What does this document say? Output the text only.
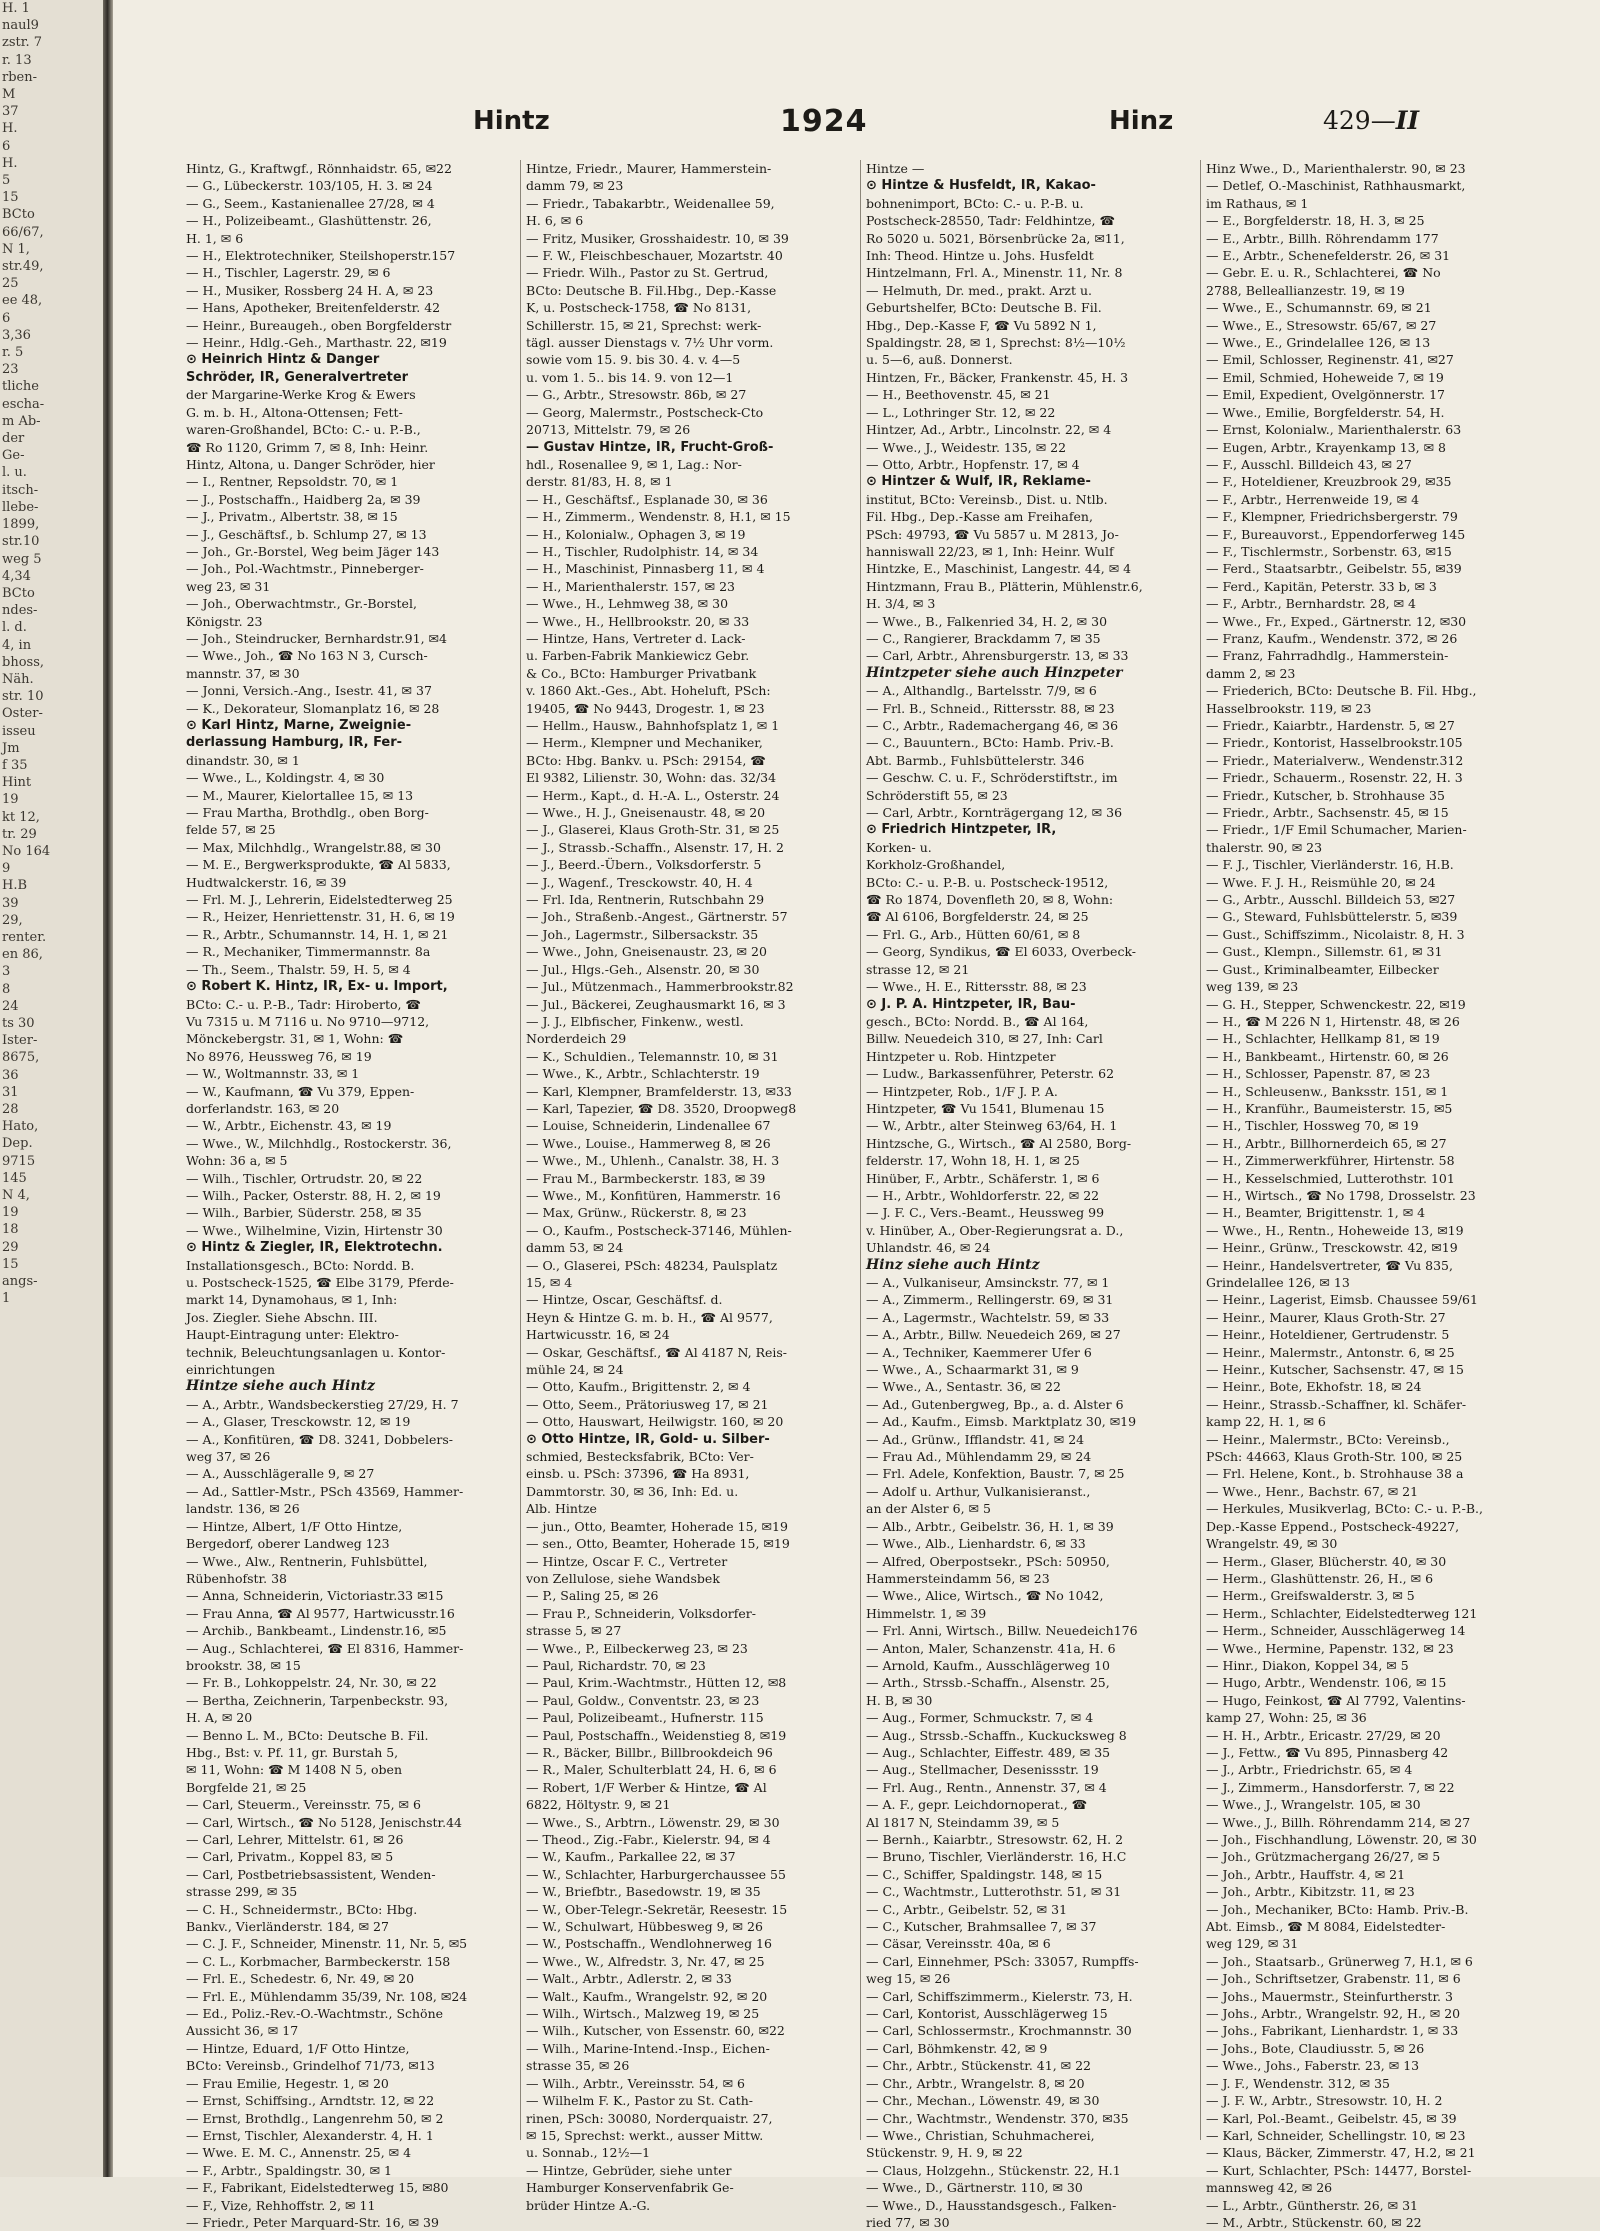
H. 1
naul9
zstr. 7
r. 13
rben-
M
37
H.
6
H.
5
15
BCto
66/67,
N 1,
str.49,
25
ee 48,
6
3,36
r. 5
23
tliche
escha-
m Ab-
der
Ge-
l. u.
itsch-
llebe-
1899,
str.10
weg 5
4,34
BCto
ndes-
l. d.
4, in
bhoss,
Näh.
str. 10
Oster-
isseu
Jm
f 35
Hint
19
kt 12,
tr. 29
No 164
9
H.B
39
29,
renter.
en 86,
3
8
24
ts 30
Ister-
8675,
36
31
28
Hato,
Dep.
9715
145
N 4,
19
18
29
15
angs-
1
Hintz	1924	Hinz	429—II
Hintz, G., Kraftwgf., Rönnhaidstr. 65, ✉22
— G., Lübeckerstr. 103/105, H. 3. ✉ 24
— G., Seem., Kastanienallee 27/28, ✉ 4
— H., Polizeibeamt., Glashüttenstr. 26,
H. 1, ✉ 6
— H., Elektrotechniker, Steilshoperstr.157
— H., Tischler, Lagerstr. 29, ✉ 6
— H., Musiker, Rossberg 24 H. A, ✉ 23
— Hans, Apotheker, Breitenfelderstr. 42
— Heinr., Bureaugeh., oben Borgfelderstr
— Heinr., Hdlg.-Geh., Marthastr. 22, ✉19
⊙ Heinrich Hintz & Danger
Schröder, IR, Generalvertreter
der Margarine-Werke Krog & Ewers
G. m. b. H., Altona-Ottensen; Fett-
waren-Großhandel, BCto: C.- u. P.-B.,
☎ Ro 1120, Grimm 7, ✉ 8, Inh: Heinr.
Hintz, Altona, u. Danger Schröder, hier
— I., Rentner, Repsoldstr. 70, ✉ 1
— J., Postschaffn., Haidberg 2a, ✉ 39
— J., Privatm., Albertstr. 38, ✉ 15
— J., Geschäftsf., b. Schlump 27, ✉ 13
— Joh., Gr.-Borstel, Weg beim Jäger 143
— Joh., Pol.-Wachtmstr., Pinneberger-
weg 23, ✉ 31
— Joh., Oberwachtmstr., Gr.-Borstel,
Königstr. 23
— Joh., Steindrucker, Bernhardstr.91, ✉4
— Wwe., Joh., ☎ No 163 N 3, Cursch-
mannstr. 37, ✉ 30
— Jonni, Versich.-Ang., Isestr. 41, ✉ 37
— K., Dekorateur, Slomanplatz 16, ✉ 28
⊙ Karl Hintz, Marne, Zweignie-
derlassung Hamburg, IR, Fer-
dinandstr. 30, ✉ 1
— Wwe., L., Koldingstr. 4, ✉ 30
— M., Maurer, Kielortallee 15, ✉ 13
— Frau Martha, Brothdlg., oben Borg-
felde 57, ✉ 25
— Max, Milchhdlg., Wrangelstr.88, ✉ 30
— M. E., Bergwerksprodukte, ☎ Al 5833,
Hudtwalckerstr. 16, ✉ 39
— Frl. M. J., Lehrerin, Eidelstedterweg 25
— R., Heizer, Henriettenstr. 31, H. 6, ✉ 19
— R., Arbtr., Schumannstr. 14, H. 1, ✉ 21
— R., Mechaniker, Timmermannstr. 8a
— Th., Seem., Thalstr. 59, H. 5, ✉ 4
⊙ Robert K. Hintz, IR, Ex- u. Import,
BCto: C.- u. P.-B., Tadr: Hiroberto, ☎
Vu 7315 u. M 7116 u. No 9710—9712,
Mönckebergstr. 31, ✉ 1, Wohn: ☎
No 8976, Heussweg 76, ✉ 19
— W., Woltmannstr. 33, ✉ 1
— W., Kaufmann, ☎ Vu 379, Eppen-
dorferlandstr. 163, ✉ 20
— W., Arbtr., Eichenstr. 43, ✉ 19
— Wwe., W., Milchhdlg., Rostockerstr. 36,
Wohn: 36 a, ✉ 5
— Wilh., Tischler, Ortrudstr. 20, ✉ 22
— Wilh., Packer, Osterstr. 88, H. 2, ✉ 19
— Wilh., Barbier, Süderstr. 258, ✉ 35
— Wwe., Wilhelmine, Vizin, Hirtenstr 30
⊙ Hintz & Ziegler, IR, Elektrotechn.
Installationsgesch., BCto: Nordd. B.
u. Postscheck-1525, ☎ Elbe 3179, Pferde-
markt 14, Dynamohaus, ✉ 1, Inh:
Jos. Ziegler. Siehe Abschn. III.
Haupt-Eintragung unter: Elektro-
technik, Beleuchtungsanlagen u. Kontor-
einrichtungen
Hintze siehe auch Hintz
— A., Arbtr., Wandsbeckerstieg 27/29, H. 7
— A., Glaser, Tresckowstr. 12, ✉ 19
— A., Konfitüren, ☎ D8. 3241, Dobbelers-
weg 37, ✉ 26
— A., Ausschlägeralle 9, ✉ 27
— Ad., Sattler-Mstr., PSch 43569, Hammer-
landstr. 136, ✉ 26
— Hintze, Albert, 1/F Otto Hintze,
Bergedorf, oberer Landweg 123
— Wwe., Alw., Rentnerin, Fuhlsbüttel,
Rübenhofstr. 38
— Anna, Schneiderin, Victoriastr.33 ✉15
— Frau Anna, ☎ Al 9577, Hartwicusstr.16
— Archib., Bankbeamt., Lindenstr.16, ✉5
— Aug., Schlachterei, ☎ El 8316, Hammer-
brookstr. 38, ✉ 15
— Fr. B., Lohkoppelstr. 24, Nr. 30, ✉ 22
— Bertha, Zeichnerin, Tarpenbeckstr. 93,
H. A, ✉ 20
— Benno L. M., BCto: Deutsche B. Fil.
Hbg., Bst: v. Pf. 11, gr. Burstah 5,
✉ 11, Wohn: ☎ M 1408 N 5, oben
Borgfelde 21, ✉ 25
— Carl, Steuerm., Vereinsstr. 75, ✉ 6
— Carl, Wirtsch., ☎ No 5128, Jenischstr.44
— Carl, Lehrer, Mittelstr. 61, ✉ 26
— Carl, Privatm., Koppel 83, ✉ 5
— Carl, Postbetriebsassistent, Wenden-
strasse 299, ✉ 35
— C. H., Schneidermstr., BCto: Hbg.
Bankv., Vierländerstr. 184, ✉ 27
— C. J. F., Schneider, Minenstr. 11, Nr. 5, ✉5
— C. L., Korbmacher, Barmbeckerstr. 158
— Frl. E., Schedestr. 6, Nr. 49, ✉ 20
— Frl. E., Mühlendamm 35/39, Nr. 108, ✉24
— Ed., Poliz.-Rev.-O.-Wachtmstr., Schöne
Aussicht 36, ✉ 17
— Hintze, Eduard, 1/F Otto Hintze,
BCto: Vereinsb., Grindelhof 71/73, ✉13
— Frau Emilie, Hegestr. 1, ✉ 20
— Ernst, Schiffsing., Arndtstr. 12, ✉ 22
— Ernst, Brothdlg., Langenrehm 50, ✉ 2
— Ernst, Tischler, Alexanderstr. 4, H. 1
— Wwe. E. M. C., Annenstr. 25, ✉ 4
— F., Arbtr., Spaldingstr. 30, ✉ 1
— F., Fabrikant, Eidelstedterweg 15, ✉80
— F., Vize, Rehhoffstr. 2, ✉ 11
— Friedr., Peter Marquard-Str. 16, ✉ 39
Hintze, Friedr., Maurer, Hammerstein-
damm 79, ✉ 23
— Friedr., Tabakarbtr., Weidenallee 59,
H. 6, ✉ 6
— Fritz, Musiker, Grosshaidestr. 10, ✉ 39
— F. W., Fleischbeschauer, Mozartstr. 40
— Friedr. Wilh., Pastor zu St. Gertrud,
BCto: Deutsche B. Fil.Hbg., Dep.-Kasse
K, u. Postscheck-1758, ☎ No 8131,
Schillerstr. 15, ✉ 21, Sprechst: werk-
tägl. ausser Dienstags v. 7½ Uhr vorm.
sowie vom 15. 9. bis 30. 4. v. 4—5
u. vom 1. 5.. bis 14. 9. von 12—1
— G., Arbtr., Stresowstr. 86b, ✉ 27
— Georg, Malermstr., Postscheck-Cto
20713, Mittelstr. 79, ✉ 26
— Gustav Hintze, IR, Frucht-Groß-
hdl., Rosenallee 9, ✉ 1, Lag.: Nor-
derstr. 81/83, H. 8, ✉ 1
— H., Geschäftsf., Esplanade 30, ✉ 36
— H., Zimmerm., Wendenstr. 8, H.1, ✉ 15
— H., Kolonialw., Ophagen 3, ✉ 19
— H., Tischler, Rudolphistr. 14, ✉ 34
— H., Maschinist, Pinnasberg 11, ✉ 4
— H., Marienthalerstr. 157, ✉ 23
— Wwe., H., Lehmweg 38, ✉ 30
— Wwe., H., Hellbrookstr. 20, ✉ 33
— Hintze, Hans, Vertreter d. Lack-
u. Farben-Fabrik Mankiewicz Gebr.
& Co., BCto: Hamburger Privatbank
v. 1860 Akt.-Ges., Abt. Hoheluft, PSch:
19405, ☎ No 9443, Drogestr. 1, ✉ 23
— Hellm., Hausw., Bahnhofsplatz 1, ✉ 1
— Herm., Klempner und Mechaniker,
BCto: Hbg. Bankv. u. PSch: 29154, ☎
El 9382, Lilienstr. 30, Wohn: das. 32/34
— Herm., Kapt., d. H.-A. L., Osterstr. 24
— Wwe., H. J., Gneisenaustr. 48, ✉ 20
— J., Glaserei, Klaus Groth-Str. 31, ✉ 25
— J., Strassb.-Schaffn., Alsenstr. 17, H. 2
— J., Beerd.-Übern., Volksdorferstr. 5
— J., Wagenf., Tresckowstr. 40, H. 4
— Frl. Ida, Rentnerin, Rutschbahn 29
— Joh., Straßenb.-Angest., Gärtnerstr. 57
— Joh., Lagermstr., Silbersackstr. 35
— Wwe., John, Gneisenaustr. 23, ✉ 20
— Jul., Hlgs.-Geh., Alsenstr. 20, ✉ 30
— Jul., Mützenmach., Hammerbrookstr.82
— Jul., Bäckerei, Zeughausmarkt 16, ✉ 3
— J. J., Elbfischer, Finkenw., westl.
Norderdeich 29
— K., Schuldien., Telemannstr. 10, ✉ 31
— Wwe., K., Arbtr., Schlachterstr. 19
— Karl, Klempner, Bramfelderstr. 13, ✉33
— Karl, Tapezier, ☎ D8. 3520, Droopweg8
— Louise, Schneiderin, Lindenallee 67
— Wwe., Louise., Hammerweg 8, ✉ 26
— Wwe., M., Uhlenh., Canalstr. 38, H. 3
— Frau M., Barmbeckerstr. 183, ✉ 39
— Wwe., M., Konfitüren, Hammerstr. 16
— Max, Grünw., Rückerstr. 8, ✉ 23
— O., Kaufm., Postscheck-37146, Mühlen-
damm 53, ✉ 24
— O., Glaserei, PSch: 48234, Paulsplatz
15, ✉ 4
— Hintze, Oscar, Geschäftsf. d.
Heyn & Hintze G. m. b. H., ☎ Al 9577,
Hartwicusstr. 16, ✉ 24
— Oskar, Geschäftsf., ☎ Al 4187 N, Reis-
mühle 24, ✉ 24
— Otto, Kaufm., Brigittenstr. 2, ✉ 4
— Otto, Seem., Prätoriusweg 17, ✉ 21
— Otto, Hauswart, Heilwigstr. 160, ✉ 20
⊙ Otto Hintze, IR, Gold- u. Silber-
schmied, Bestecksfabrik, BCto: Ver-
einsb. u. PSch: 37396, ☎ Ha 8931,
Dammtorstr. 30, ✉ 36, Inh: Ed. u.
Alb. Hintze
— jun., Otto, Beamter, Hoherade 15, ✉19
— sen., Otto, Beamter, Hoherade 15, ✉19
— Hintze, Oscar F. C., Vertreter
von Zellulose, siehe Wandsbek
— P., Saling 25, ✉ 26
— Frau P., Schneiderin, Volksdorfer-
strasse 5, ✉ 27
— Wwe., P., Eilbeckerweg 23, ✉ 23
— Paul, Richardstr. 70, ✉ 23
— Paul, Krim.-Wachtmstr., Hütten 12, ✉8
— Paul, Goldw., Conventstr. 23, ✉ 23
— Paul, Polizeibeamt., Hufnerstr. 115
— Paul, Postschaffn., Weidenstieg 8, ✉19
— R., Bäcker, Billbr., Billbrookdeich 96
— R., Maler, Schulterblatt 24, H. 6, ✉ 6
— Robert, 1/F Werber & Hintze, ☎ Al
6822, Höltystr. 9, ✉ 21
— Wwe., S., Arbtrn., Löwenstr. 29, ✉ 30
— Theod., Zig.-Fabr., Kielerstr. 94, ✉ 4
— W., Kaufm., Parkallee 22, ✉ 37
— W., Schlachter, Harburgerchaussee 55
— W., Briefbtr., Basedowstr. 19, ✉ 35
— W., Ober-Telegr.-Sekretär, Reesestr. 15
— W., Schulwart, Hübbesweg 9, ✉ 26
— W., Postschaffn., Wendlohnerweg 16
— Wwe., W., Alfredstr. 3, Nr. 47, ✉ 25
— Walt., Arbtr., Adlerstr. 2, ✉ 33
— Walt., Kaufm., Wrangelstr. 92, ✉ 20
— Wilh., Wirtsch., Malzweg 19, ✉ 25
— Wilh., Kutscher, von Essenstr. 60, ✉22
— Wilh., Marine-Intend.-Insp., Eichen-
strasse 35, ✉ 26
— Wilh., Arbtr., Vereinsstr. 54, ✉ 6
— Wilhelm F. K., Pastor zu St. Cath-
rinen, PSch: 30080, Norderquaistr. 27,
✉ 15, Sprechst: werkt., ausser Mittw.
u. Sonnab., 12½—1
— Hintze, Gebrüder, siehe unter
Hamburger Konservenfabrik Ge-
brüder Hintze A.-G.
Hintze —
⊙ Hintze & Husfeldt, IR, Kakao-
bohnenimport, BCto: C.- u. P.-B. u.
Postscheck-28550, Tadr: Feldhintze, ☎
Ro 5020 u. 5021, Börsenbrücke 2a, ✉11,
Inh: Theod. Hintze u. Johs. Husfeldt
Hintzelmann, Frl. A., Minenstr. 11, Nr. 8
— Helmuth, Dr. med., prakt. Arzt u.
Geburtshelfer, BCto: Deutsche B. Fil.
Hbg., Dep.-Kasse F, ☎ Vu 5892 N 1,
Spaldingstr. 28, ✉ 1, Sprechst: 8½—10½
u. 5—6, auß. Donnerst.
Hintzen, Fr., Bäcker, Frankenstr. 45, H. 3
— H., Beethovenstr. 45, ✉ 21
— L., Lothringer Str. 12, ✉ 22
Hintzer, Ad., Arbtr., Lincolnstr. 22, ✉ 4
— Wwe., J., Weidestr. 135, ✉ 22
— Otto, Arbtr., Hopfenstr. 17, ✉ 4
⊙ Hintzer & Wulf, IR, Reklame-
institut, BCto: Vereinsb., Dist. u. Ntlb.
Fil. Hbg., Dep.-Kasse am Freihafen,
PSch: 49793, ☎ Vu 5857 u. M 2813, Jo-
hanniswall 22/23, ✉ 1, Inh: Heinr. Wulf
Hintzke, E., Maschinist, Langestr. 44, ✉ 4
Hintzmann, Frau B., Plätterin, Mühlenstr.6,
H. 3/4, ✉ 3
— Wwe., B., Falkenried 34, H. 2, ✉ 30
— C., Rangierer, Brackdamm 7, ✉ 35
— Carl, Arbtr., Ahrensburgerstr. 13, ✉ 33
Hintzpeter siehe auch Hinzpeter
— A., Althandlg., Bartelsstr. 7/9, ✉ 6
— Frl. B., Schneid., Rittersstr. 88, ✉ 23
— C., Arbtr., Rademachergang 46, ✉ 36
— C., Bauuntern., BCto: Hamb. Priv.-B.
Abt. Barmb., Fuhlsbüttelerstr. 346
— Geschw. C. u. F., Schröderstiftstr., im
Schröderstift 55, ✉ 23
— Carl, Arbtr., Kornträgergang 12, ✉ 36
⊙ Friedrich Hintzpeter, IR,
Korken- u.
Korkholz-Großhandel,
BCto: C.- u. P.-B. u. Postscheck-19512,
☎ Ro 1874, Dovenfleth 20, ✉ 8, Wohn:
☎ Al 6106, Borgfelderstr. 24, ✉ 25
— Frl. G., Arb., Hütten 60/61, ✉ 8
— Georg, Syndikus, ☎ El 6033, Overbeck-
strasse 12, ✉ 21
— Wwe., H. E., Rittersstr. 88, ✉ 23
⊙ J. P. A. Hintzpeter, IR, Bau-
gesch., BCto: Nordd. B., ☎ Al 164,
Billw. Neuedeich 310, ✉ 27, Inh: Carl
Hintzpeter u. Rob. Hintzpeter
— Ludw., Barkassenführer, Peterstr. 62
— Hintzpeter, Rob., 1/F J. P. A.
Hintzpeter, ☎ Vu 1541, Blumenau 15
— W., Arbtr., alter Steinweg 63/64, H. 1
Hintzsche, G., Wirtsch., ☎ Al 2580, Borg-
felderstr. 17, Wohn 18, H. 1, ✉ 25
Hinüber, F., Arbtr., Schäferstr. 1, ✉ 6
— H., Arbtr., Wohldorferstr. 22, ✉ 22
— J. F. C., Vers.-Beamt., Heussweg 99
v. Hinüber, A., Ober-Regierungsrat a. D.,
Uhlandstr. 46, ✉ 24
Hinz siehe auch Hintz
— A., Vulkaniseur, Amsinckstr. 77, ✉ 1
— A., Zimmerm., Rellingerstr. 69, ✉ 31
— A., Lagermstr., Wachtelstr. 59, ✉ 33
— A., Arbtr., Billw. Neuedeich 269, ✉ 27
— A., Techniker, Kaemmerer Ufer 6
— Wwe., A., Schaarmarkt 31, ✉ 9
— Wwe., A., Sentastr. 36, ✉ 22
— Ad., Gutenbergweg, Bp., a. d. Alster 6
— Ad., Kaufm., Eimsb. Marktplatz 30, ✉19
— Ad., Grünw., Ifflandstr. 41, ✉ 24
— Frau Ad., Mühlendamm 29, ✉ 24
— Frl. Adele, Konfektion, Baustr. 7, ✉ 25
— Adolf u. Arthur, Vulkanisieranst.,
an der Alster 6, ✉ 5
— Alb., Arbtr., Geibelstr. 36, H. 1, ✉ 39
— Wwe., Alb., Lienhardstr. 6, ✉ 33
— Alfred, Oberpostsekr., PSch: 50950,
Hammersteindamm 56, ✉ 23
— Wwe., Alice, Wirtsch., ☎ No 1042,
Himmelstr. 1, ✉ 39
— Frl. Anni, Wirtsch., Billw. Neuedeich176
— Anton, Maler, Schanzenstr. 41a, H. 6
— Arnold, Kaufm., Ausschlägerweg 10
— Arth., Strssb.-Schaffn., Alsenstr. 25,
H. B, ✉ 30
— Aug., Former, Schmuckstr. 7, ✉ 4
— Aug., Strssb.-Schaffn., Kuckucksweg 8
— Aug., Schlachter, Eiffestr. 489, ✉ 35
— Aug., Stellmacher, Desenissstr. 19
— Frl. Aug., Rentn., Annenstr. 37, ✉ 4
— A. F., gepr. Leichdornoperat., ☎
Al 1817 N, Steindamm 39, ✉ 5
— Bernh., Kaiarbtr., Stresowstr. 62, H. 2
— Bruno, Tischler, Vierländerstr. 16, H.C
— C., Schiffer, Spaldingstr. 148, ✉ 15
— C., Wachtmstr., Lutterothstr. 51, ✉ 31
— C., Arbtr., Geibelstr. 52, ✉ 31
— C., Kutscher, Brahmsallee 7, ✉ 37
— Cäsar, Vereinsstr. 40a, ✉ 6
— Carl, Einnehmer, PSch: 33057, Rumpffs-
weg 15, ✉ 26
— Carl, Schiffszimmerm., Kielerstr. 73, H.
— Carl, Kontorist, Ausschlägerweg 15
— Carl, Schlossermstr., Krochmannstr. 30
— Carl, Böhmkenstr. 42, ✉ 9
— Chr., Arbtr., Stückenstr. 41, ✉ 22
— Chr., Arbtr., Wrangelstr. 8, ✉ 20
— Chr., Mechan., Löwenstr. 49, ✉ 30
— Chr., Wachtmstr., Wendenstr. 370, ✉35
— Wwe., Christian, Schuhmacherei,
Stückenstr. 9, H. 9, ✉ 22
— Claus, Holzgehn., Stückenstr. 22, H.1
— Wwe., D., Gärtnerstr. 110, ✉ 30
— Wwe., D., Hausstandsgesch., Falken-
ried 77, ✉ 30
Hinz Wwe., D., Marienthalerstr. 90, ✉ 23
— Detlef, O.-Maschinist, Rathhausmarkt,
im Rathaus, ✉ 1
— E., Borgfelderstr. 18, H. 3, ✉ 25
— E., Arbtr., Billh. Röhrendamm 177
— E., Arbtr., Schenefelderstr. 26, ✉ 31
— Gebr. E. u. R., Schlachterei, ☎ No
2788, Belleallianzestr. 19, ✉ 19
— Wwe., E., Schumannstr. 69, ✉ 21
— Wwe., E., Stresowstr. 65/67, ✉ 27
— Wwe., E., Grindelallee 126, ✉ 13
— Emil, Schlosser, Reginenstr. 41, ✉27
— Emil, Schmied, Hoheweide 7, ✉ 19
— Emil, Expedient, Ovelgönnerstr. 17
— Wwe., Emilie, Borgfelderstr. 54, H.
— Ernst, Kolonialw., Marienthalerstr. 63
— Eugen, Arbtr., Krayenkamp 13, ✉ 8
— F., Ausschl. Billdeich 43, ✉ 27
— F., Hoteldiener, Kreuzbrook 29, ✉35
— F., Arbtr., Herrenweide 19, ✉ 4
— F., Klempner, Friedrichsbergerstr. 79
— F., Bureauvorst., Eppendorferweg 145
— F., Tischlermstr., Sorbenstr. 63, ✉15
— Ferd., Staatsarbtr., Geibelstr. 55, ✉39
— Ferd., Kapitän, Peterstr. 33 b, ✉ 3
— F., Arbtr., Bernhardstr. 28, ✉ 4
— Wwe., Fr., Exped., Gärtnerstr. 12, ✉30
— Franz, Kaufm., Wendenstr. 372, ✉ 26
— Franz, Fahrradhdlg., Hammerstein-
damm 2, ✉ 23
— Friederich, BCto: Deutsche B. Fil. Hbg.,
Hasselbrookstr. 119, ✉ 23
— Friedr., Kaiarbtr., Hardenstr. 5, ✉ 27
— Friedr., Kontorist, Hasselbrookstr.105
— Friedr., Materialverw., Wendenstr.312
— Friedr., Schauerm., Rosenstr. 22, H. 3
— Friedr., Kutscher, b. Strohhause 35
— Friedr., Arbtr., Sachsenstr. 45, ✉ 15
— Friedr., 1/F Emil Schumacher, Marien-
thalerstr. 90, ✉ 23
— F. J., Tischler, Vierländerstr. 16, H.B.
— Wwe. F. J. H., Reismühle 20, ✉ 24
— G., Arbtr., Ausschl. Billdeich 53, ✉27
— G., Steward, Fuhlsbüttelerstr. 5, ✉39
— Gust., Schiffszimm., Nicolaistr. 8, H. 3
— Gust., Klempn., Sillemstr. 61, ✉ 31
— Gust., Kriminalbeamter, Eilbecker
weg 139, ✉ 23
— G. H., Stepper, Schwenckestr. 22, ✉19
— H., ☎ M 226 N 1, Hirtenstr. 48, ✉ 26
— H., Schlachter, Hellkamp 81, ✉ 19
— H., Bankbeamt., Hirtenstr. 60, ✉ 26
— H., Schlosser, Papenstr. 87, ✉ 23
— H., Schleusenw., Banksstr. 151, ✉ 1
— H., Kranführ., Baumeisterstr. 15, ✉5
— H., Tischler, Hossweg 70, ✉ 19
— H., Arbtr., Billhornerdeich 65, ✉ 27
— H., Zimmerwerkführer, Hirtenstr. 58
— H., Kesselschmied, Lutterothstr. 101
— H., Wirtsch., ☎ No 1798, Drosselstr. 23
— H., Beamter, Brigittenstr. 1, ✉ 4
— Wwe., H., Rentn., Hoheweide 13, ✉19
— Heinr., Grünw., Tresckowstr. 42, ✉19
— Heinr., Handelsvertreter, ☎ Vu 835,
Grindelallee 126, ✉ 13
— Heinr., Lagerist, Eimsb. Chaussee 59/61
— Heinr., Maurer, Klaus Groth-Str. 27
— Heinr., Hoteldiener, Gertrudenstr. 5
— Heinr., Malermstr., Antonstr. 6, ✉ 25
— Heinr., Kutscher, Sachsenstr. 47, ✉ 15
— Heinr., Bote, Ekhofstr. 18, ✉ 24
— Heinr., Strassb.-Schaffner, kl. Schäfer-
kamp 22, H. 1, ✉ 6
— Heinr., Malermstr., BCto: Vereinsb.,
PSch: 44663, Klaus Groth-Str. 100, ✉ 25
— Frl. Helene, Kont., b. Strohhause 38 a
— Wwe., Henr., Bachstr. 67, ✉ 21
— Herkules, Musikverlag, BCto: C.- u. P.-B.,
Dep.-Kasse Eppend., Postscheck-49227,
Wrangelstr. 49, ✉ 30
— Herm., Glaser, Blücherstr. 40, ✉ 30
— Herm., Glashüttenstr. 26, H., ✉ 6
— Herm., Greifswalderstr. 3, ✉ 5
— Herm., Schlachter, Eidelstedterweg 121
— Herm., Schneider, Ausschlägerweg 14
— Wwe., Hermine, Papenstr. 132, ✉ 23
— Hinr., Diakon, Koppel 34, ✉ 5
— Hugo, Arbtr., Wendenstr. 106, ✉ 15
— Hugo, Feinkost, ☎ Al 7792, Valentins-
kamp 27, Wohn: 25, ✉ 36
— H. H., Arbtr., Ericastr. 27/29, ✉ 20
— J., Fettw., ☎ Vu 895, Pinnasberg 42
— J., Arbtr., Friedrichstr. 65, ✉ 4
— J., Zimmerm., Hansdorferstr. 7, ✉ 22
— Wwe., J., Wrangelstr. 105, ✉ 30
— Wwe., J., Billh. Röhrendamm 214, ✉ 27
— Joh., Fischhandlung, Löwenstr. 20, ✉ 30
— Joh., Grützmachergang 26/27, ✉ 5
— Joh., Arbtr., Hauffstr. 4, ✉ 21
— Joh., Arbtr., Kibitzstr. 11, ✉ 23
— Joh., Mechaniker, BCto: Hamb. Priv.-B.
Abt. Eimsb., ☎ M 8084, Eidelstedter-
weg 129, ✉ 31
— Joh., Staatsarb., Grünerweg 7, H.1, ✉ 6
— Joh., Schriftsetzer, Grabenstr. 11, ✉ 6
— Johs., Mauermstr., Steinfurtherstr. 3
— Johs., Arbtr., Wrangelstr. 92, H., ✉ 20
— Johs., Fabrikant, Lienhardstr. 1, ✉ 33
— Johs., Bote, Claudiusstr. 5, ✉ 26
— Wwe., Johs., Faberstr. 23, ✉ 13
— J. F., Wendenstr. 312, ✉ 35
— J. F. W., Arbtr., Stresowstr. 10, H. 2
— Karl, Pol.-Beamt., Geibelstr. 45, ✉ 39
— Karl, Schneider, Schellingstr. 10, ✉ 23
— Klaus, Bäcker, Zimmerstr. 47, H.2, ✉ 21
— Kurt, Schlachter, PSch: 14477, Borstel-
mannsweg 42, ✉ 26
— L., Arbtr., Güntherstr. 26, ✉ 31
— M., Arbtr., Stückenstr. 60, ✉ 22
